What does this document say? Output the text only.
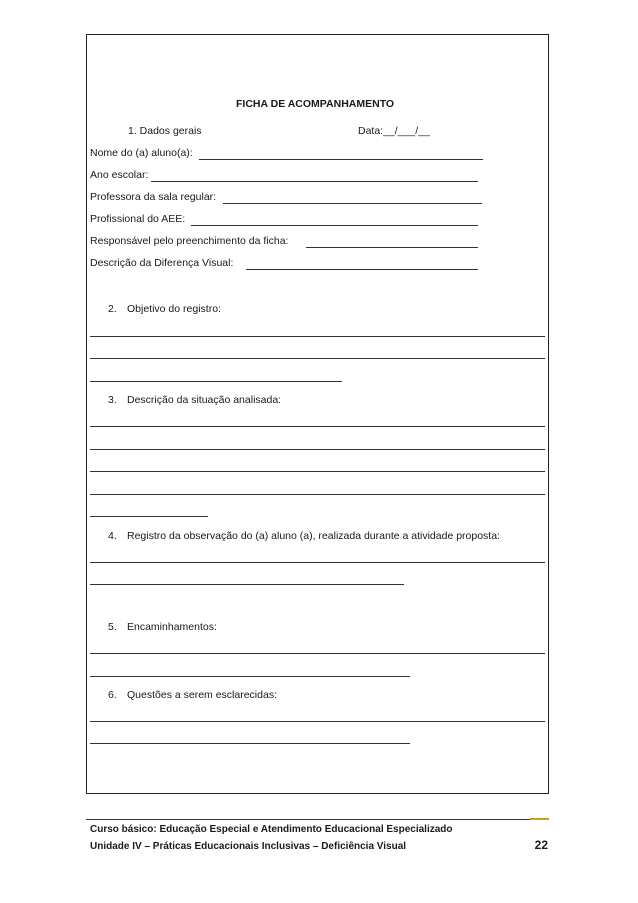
FICHA DE ACOMPANHAMENTO
1. Dados gerais	Data:__/___/__
Nome do (a) aluno(a):
Ano escolar:
Professora da sala regular:
Profissional do AEE:
Responsável pelo preenchimento da ficha:
Descrição da Diferença Visual:
2. Objetivo do registro:
3. Descrição da situação analisada:
4. Registro da observação do (a) aluno (a), realizada durante a atividade proposta:
5. Encaminhamentos:
6. Questões a serem esclarecidas:
Curso básico: Educação Especial e Atendimento Educacional Especializado
Unidade IV – Práticas Educacionais Inclusivas – Deficiência Visual	22
